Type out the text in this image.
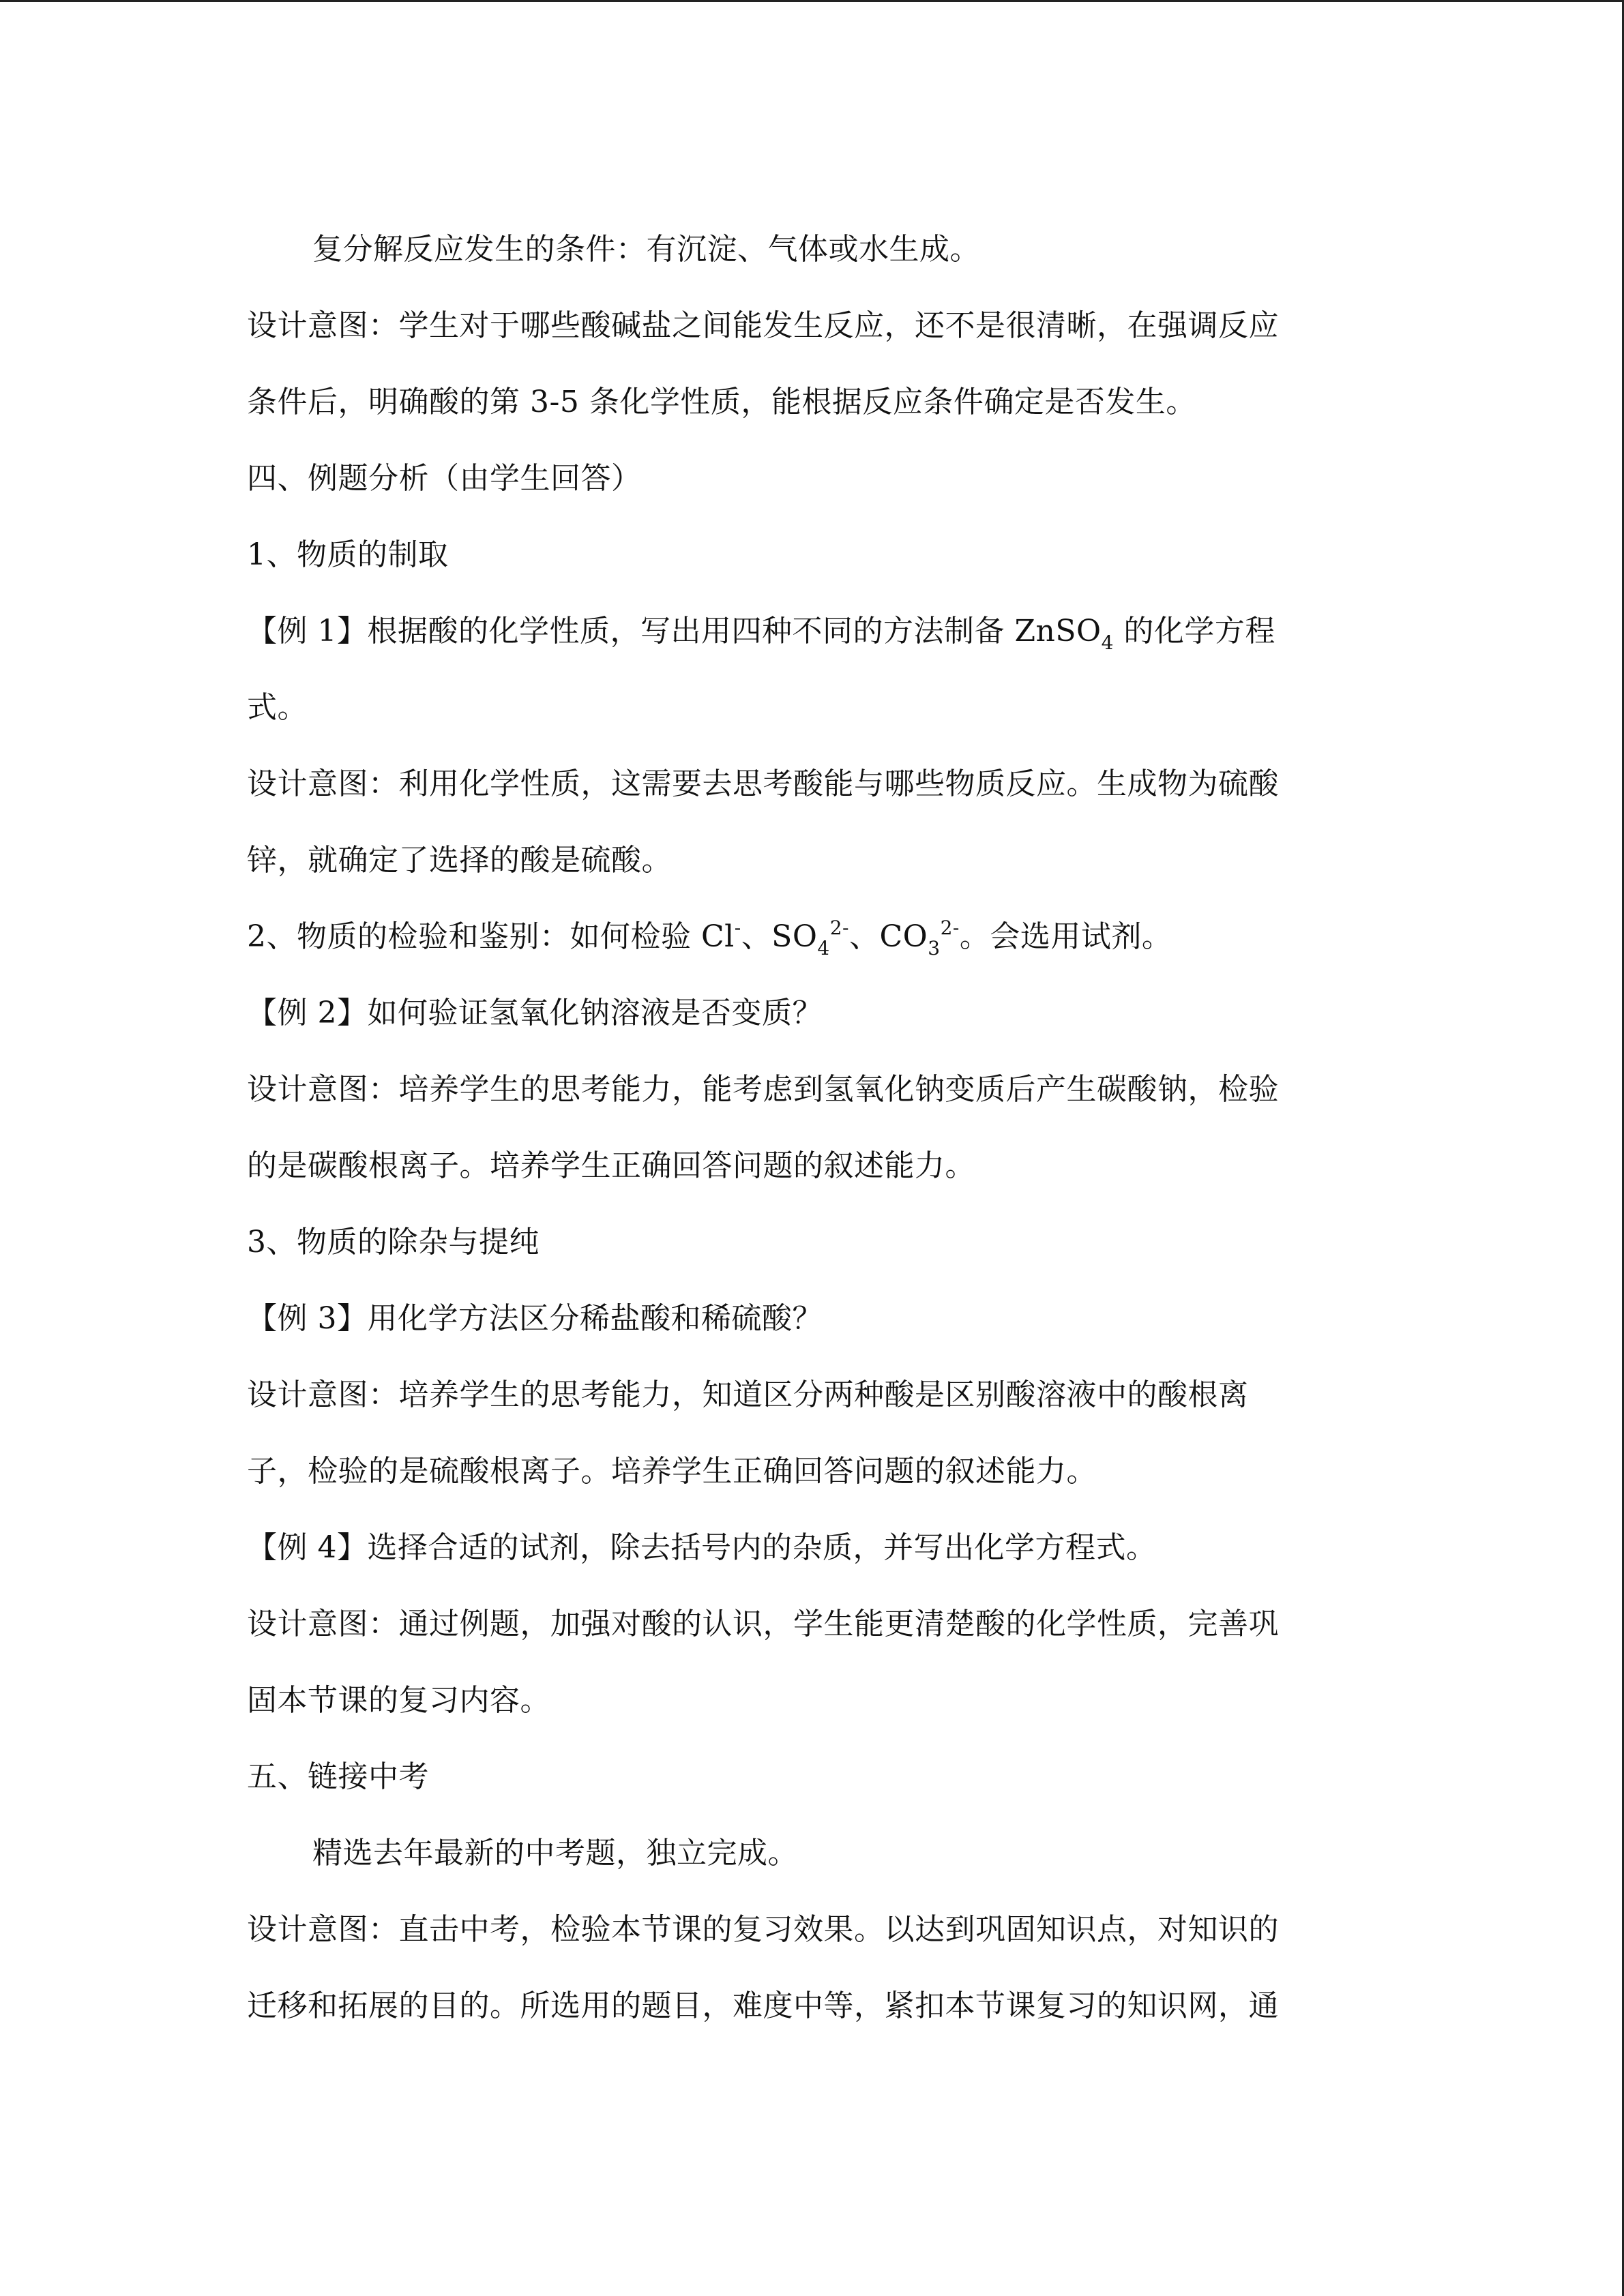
复分解反应发生的条件：有沉淀、气体或水生成。
设计意图：学生对于哪些酸碱盐之间能发生反应，还不是很清晰，在强调反应
条件后，明确酸的第 3-5 条化学性质，能根据反应条件确定是否发生。
四、例题分析（由学生回答）
1、物质的制取
【例 1】根据酸的化学性质，写出用四种不同的方法制备 ZnSO$_4$ 的化学方程
式。
设计意图：利用化学性质，这需要去思考酸能与哪些物质反应。生成物为硫酸
锌，就确定了选择的酸是硫酸。
2、物质的检验和鉴别：如何检验 Cl-、$SO_4^{2-}$、$CO_3^{2-}$。会选用试剂。
【例 2】如何验证氢氧化钠溶液是否变质？
设计意图：培养学生的思考能力，能考虑到氢氧化钠变质后产生碳酸钠，检验
的是碳酸根离子。培养学生正确回答问题的叙述能力。
3、物质的除杂与提纯
【例 3】用化学方法区分稀盐酸和稀硫酸？
设计意图：培养学生的思考能力，知道区分两种酸是区别酸溶液中的酸根离
子，检验的是硫酸根离子。培养学生正确回答问题的叙述能力。
【例 4】选择合适的试剂，除去括号内的杂质，并写出化学方程式。
设计意图：通过例题，加强对酸的认识，学生能更清楚酸的化学性质，完善巩
固本节课的复习内容。
五、链接中考
精选去年最新的中考题，独立完成。
设计意图：直击中考，检验本节课的复习效果。以达到巩固知识点，对知识的
迁移和拓展的目的。所选用的题目，难度中等，紧扣本节课复习的知识网，通
